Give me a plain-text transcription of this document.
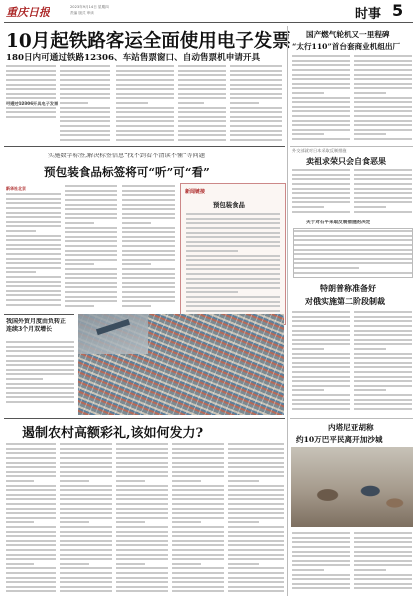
重庆日报	2023年9月14日 星期四
责编 版式 审读	时事 5
10月起铁路客运全面使用电子发票
180日内可通过铁路12306、车站售票窗口、自动售票机申请开具
可通过12306开具电子发票
国产燃气轮机又一里程碑
“太行110”首台套商业机组出厂
外交部就对日本采取反制措施
卖祖求荣只会自食恶果
实施数字标签,解决标签信息“找不到看不清读不懂”等问题
预包装食品标签将可“听”可“看”
新华社北京
新闻链接
预包装食品
关于对石平采取反制措施的决定
我国外贸月度由负转正 连续3个月双增长
特朗普称准备好
对俄实施第二阶段制裁
遏制农村高额彩礼,该如何发力?	内塔尼亚胡称
约10万巴平民离开加沙城
